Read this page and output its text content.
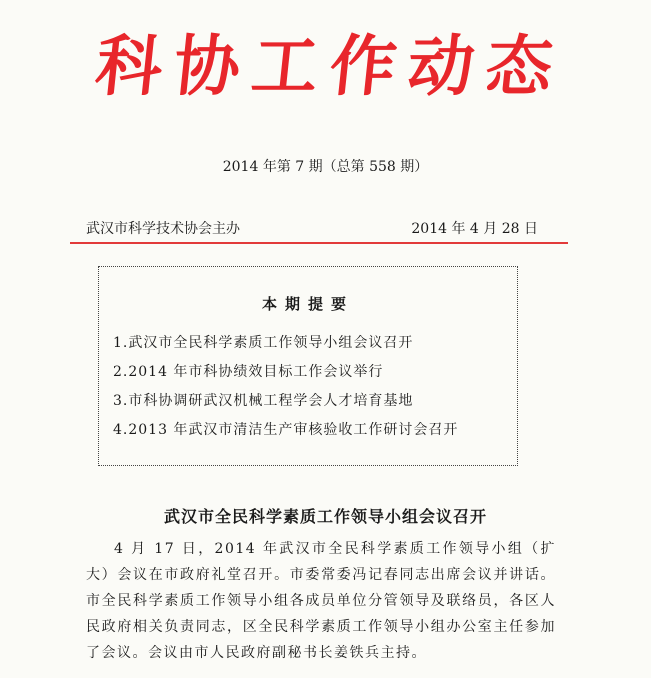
科协工作动态
2014 年第 7 期（总第 558 期）
武汉市科学技术协会主办	2014 年 4 月 28 日
本期提要
1.武汉市全民科学素质工作领导小组会议召开
2.2014 年市科协绩效目标工作会议举行
3.市科协调研武汉机械工程学会人才培育基地
4.2013 年武汉市清洁生产审核验收工作研讨会召开
武汉市全民科学素质工作领导小组会议召开

4 月 17 日，2014 年武汉市全民科学素质工作领导小组（扩大）会议在市政府礼堂召开。市委常委冯记春同志出席会议并讲话。市全民科学素质工作领导小组各成员单位分管领导及联络员，各区人民政府相关负责同志，区全民科学素质工作领导小组办公室主任参加了会议。会议由市人民政府副秘书长姜铁兵主持。
